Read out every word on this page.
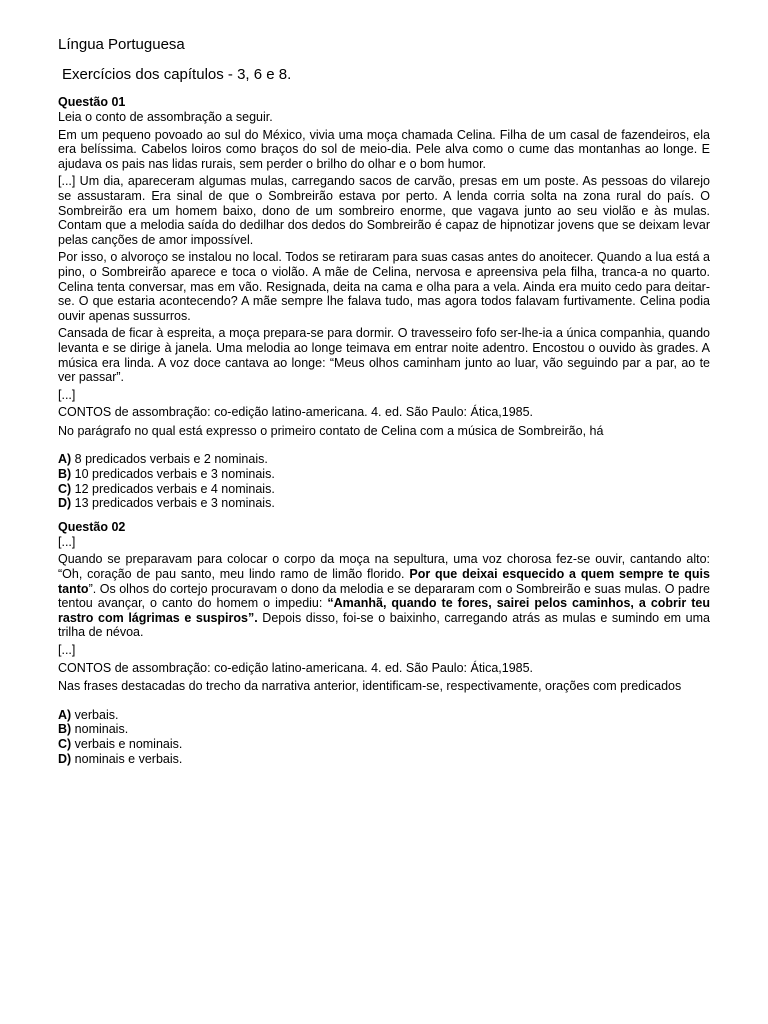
Língua Portuguesa
Exercícios dos capítulos - 3, 6 e 8.
Questão 01

Leia o conto de assombração a seguir.

Em um pequeno povoado ao sul do México, vivia uma moça chamada Celina. Filha de um casal de fazendeiros, ela era belíssima. Cabelos loiros como braços do sol de meio-dia. Pele alva como o cume das montanhas ao longe. E ajudava os pais nas lidas rurais, sem perder o brilho do olhar e o bom humor.

[...] Um dia, apareceram algumas mulas, carregando sacos de carvão, presas em um poste. As pessoas do vilarejo se assustaram. Era sinal de que o Sombreirão estava por perto. A lenda corria solta na zona rural do país. O Sombreirão era um homem baixo, dono de um sombreiro enorme, que vagava junto ao seu violão e às mulas. Contam que a melodia saída do dedilhar dos dedos do Sombreirão é capaz de hipnotizar jovens que se deixam levar pelas canções de amor impossível.

Por isso, o alvoroço se instalou no local. Todos se retiraram para suas casas antes do anoitecer. Quando a lua está a pino, o Sombreirão aparece e toca o violão. A mãe de Celina, nervosa e apreensiva pela filha, tranca-a no quarto. Celina tenta conversar, mas em vão. Resignada, deita na cama e olha para a vela. Ainda era muito cedo para deitar-se. O que estaria acontecendo? A mãe sempre lhe falava tudo, mas agora todos falavam furtivamente. Celina podia ouvir apenas sussurros.

Cansada de ficar à espreita, a moça prepara-se para dormir. O travesseiro fofo ser-lhe-ia a única companhia, quando levanta e se dirige à janela. Uma melodia ao longe teimava em entrar noite adentro. Encostou o ouvido às grades. A música era linda. A voz doce cantava ao longe: “Meus olhos caminham junto ao luar, vão seguindo par a par, ao te ver passar”.

[...]

CONTOS de assombração: co-edição latino-americana. 4. ed. São Paulo: Ática,1985.

No parágrafo no qual está expresso o primeiro contato de Celina com a música de Sombreirão, há

A) 8 predicados verbais e 2 nominais.
B) 10 predicados verbais e 3 nominais.
C) 12 predicados verbais e 4 nominais.
D) 13 predicados verbais e 3 nominais.
Questão 02

[...]

Quando se preparavam para colocar o corpo da moça na sepultura, uma voz chorosa fez-se ouvir, cantando alto: “Oh, coração de pau santo, meu lindo ramo de limão florido. Por que deixai esquecido a quem sempre te quis tanto”. Os olhos do cortejo procuravam o dono da melodia e se depararam com o Sombreirão e suas mulas. O padre tentou avançar, o canto do homem o impediu: “Amanhã, quando te fores, sairei pelos caminhos, a cobrir teu rastro com lágrimas e suspiros”. Depois disso, foi-se o baixinho, carregando atrás as mulas e sumindo em uma trilha de névoa.

[...]

CONTOS de assombração: co-edição latino-americana. 4. ed. São Paulo: Ática,1985.

Nas frases destacadas do trecho da narrativa anterior, identificam-se, respectivamente, orações com predicados

A) verbais.
B) nominais.
C) verbais e nominais.
D) nominais e verbais.
